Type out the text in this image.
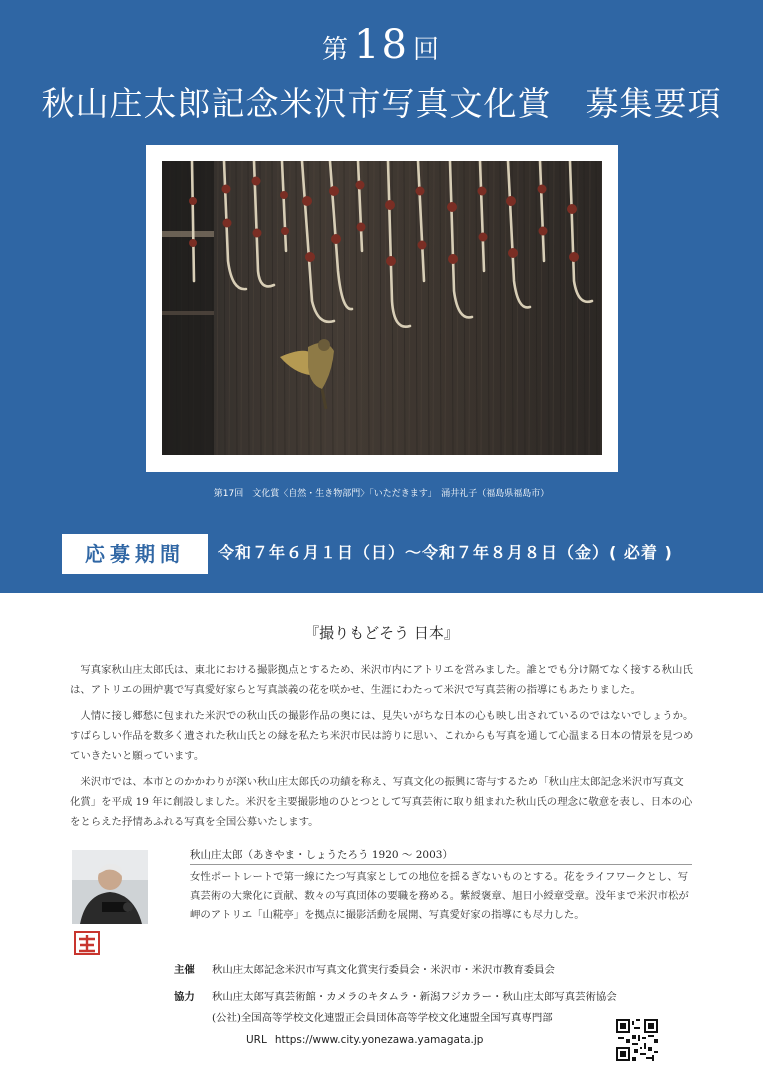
第 18 回
秋山庄太郎記念米沢市写真文化賞　募集要項
第17回　文化賞〈自然・生き物部門〉「いただきます」　涌井礼子（福島県福島市）
応募期間	令和７年６月１日（日）〜令和７年８月８日（金）( 必着 )
『撮りもどそう 日本』

写真家秋山庄太郎氏は、東北における撮影拠点とするため、米沢市内にアトリエを営みました。誰とでも分け隔てなく接する秋山氏は、アトリエの囲炉裏で写真愛好家らと写真談義の花を咲かせ、生涯にわたって米沢で写真芸術の指導にもあたりました。

人情に接し郷愁に包まれた米沢での秋山氏の撮影作品の奥には、見失いがちな日本の心も映し出されているのではないでしょうか。すばらしい作品を数多く遺された秋山氏との縁を私たち米沢市民は誇りに思い、これからも写真を通して心温まる日本の情景を見つめていきたいと願っています。

米沢市では、本市とのかかわりが深い秋山庄太郎氏の功績を称え、写真文化の振興に寄与するため「秋山庄太郎記念米沢市写真文化賞」を平成 19 年に創設しました。米沢を主要撮影地のひとつとして写真芸術に取り組まれた秋山氏の理念に敬意を表し、日本の心をとらえた抒情あふれる写真を全国公募いたします。

秋山庄太郎（あきやま・しょうたろう 1920 〜 2003）
女性ポートレートで第一線にたつ写真家としての地位を揺るぎないものとする。花をライフワークとし、写真芸術の大衆化に貢献、数々の写真団体の要職を務める。紫綬褒章、旭日小綬章受章。没年まで米沢市松が岬のアトリエ「山糀亭」を拠点に撮影活動を展開、写真愛好家の指導にも尽力した。
主催	秋山庄太郎記念米沢市写真文化賞実行委員会・米沢市・米沢市教育委員会
協力	秋山庄太郎写真芸術館・カメラのキタムラ・新潟フジカラー・秋山庄太郎写真芸術協会
(公社)全国高等学校文化連盟正会員団体高等学校文化連盟全国写真専門部
URL https://www.city.yonezawa.yamagata.jp
